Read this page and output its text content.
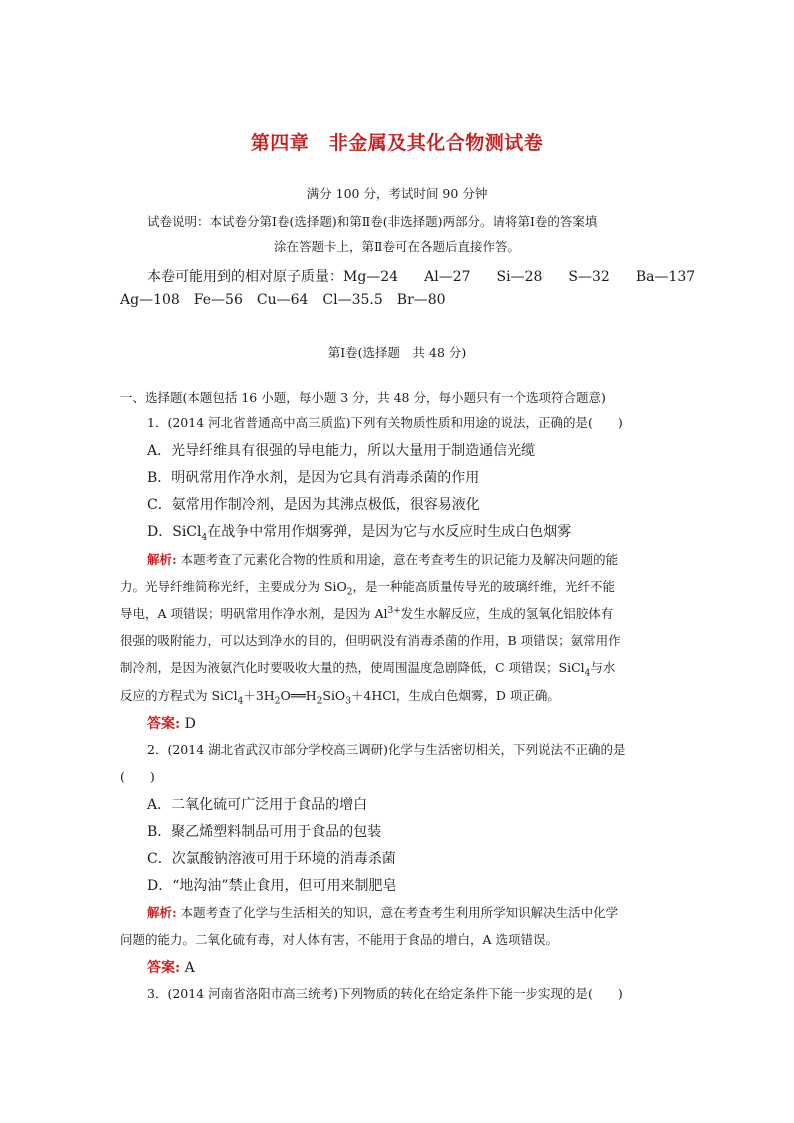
第四章　非金属及其化合物测试卷
满分 100 分，考试时间 90 分钟
试卷说明：本试卷分第Ⅰ卷(选择题)和第Ⅱ卷(非选择题)两部分。请将第Ⅰ卷的答案填
涂在答题卡上，第Ⅱ卷可在各题后直接作答。
本卷可能用到的相对原子质量：Mg—24 Al—27 Si—28 S—32 Ba—137
Ag—108 Fe—56 Cu—64 Cl—35.5 Br—80
第Ⅰ卷(选择题　共 48 分)
一、选择题(本题包括 16 小题，每小题 3 分，共 48 分，每小题只有一个选项符合题意)
1．(2014 河北省普通高中高三质监)下列有关物质性质和用途的说法，正确的是(　　)
A．光导纤维具有很强的导电能力，所以大量用于制造通信光缆
B．明矾常用作净水剂，是因为它具有消毒杀菌的作用
C．氨常用作制冷剂，是因为其沸点极低，很容易液化
D．SiCl$_4$在战争中常用作烟雾弹，是因为它与水反应时生成白色烟雾
解析: 本题考查了元素化合物的性质和用途，意在考查考生的识记能力及解决问题的能
力。光导纤维简称光纤，主要成分为 SiO$_2$，是一种能高质量传导光的玻璃纤维，光纤不能
导电，A 项错误；明矾常用作净水剂，是因为 $Al^{3+}$发生水解反应，生成的氢氧化铝胶体有
很强的吸附能力，可以达到净水的目的，但明矾没有消毒杀菌的作用，B 项错误；氨常用作
制冷剂，是因为液氨汽化时要吸收大量的热，使周围温度急剧降低，C 项错误；SiCl$_4$与水
反应的方程式为 $SiCl_4+3H_2O══H_2SiO_3+4HCl$，生成白色烟雾，D 项正确。
答案: D
2．(2014 湖北省武汉市部分学校高三调研)化学与生活密切相关，下列说法不正确的是
(　　)
A．二氧化硫可广泛用于食品的增白
B．聚乙烯塑料制品可用于食品的包装
C．次氯酸钠溶液可用于环境的消毒杀菌
D．“地沟油”禁止食用，但可用来制肥皂
解析: 本题考查了化学与生活相关的知识，意在考查考生利用所学知识解决生活中化学
问题的能力。二氧化硫有毒，对人体有害，不能用于食品的增白，A 选项错误。
答案: A
3．(2014 河南省洛阳市高三统考)下列物质的转化在给定条件下能一步实现的是(　　)
